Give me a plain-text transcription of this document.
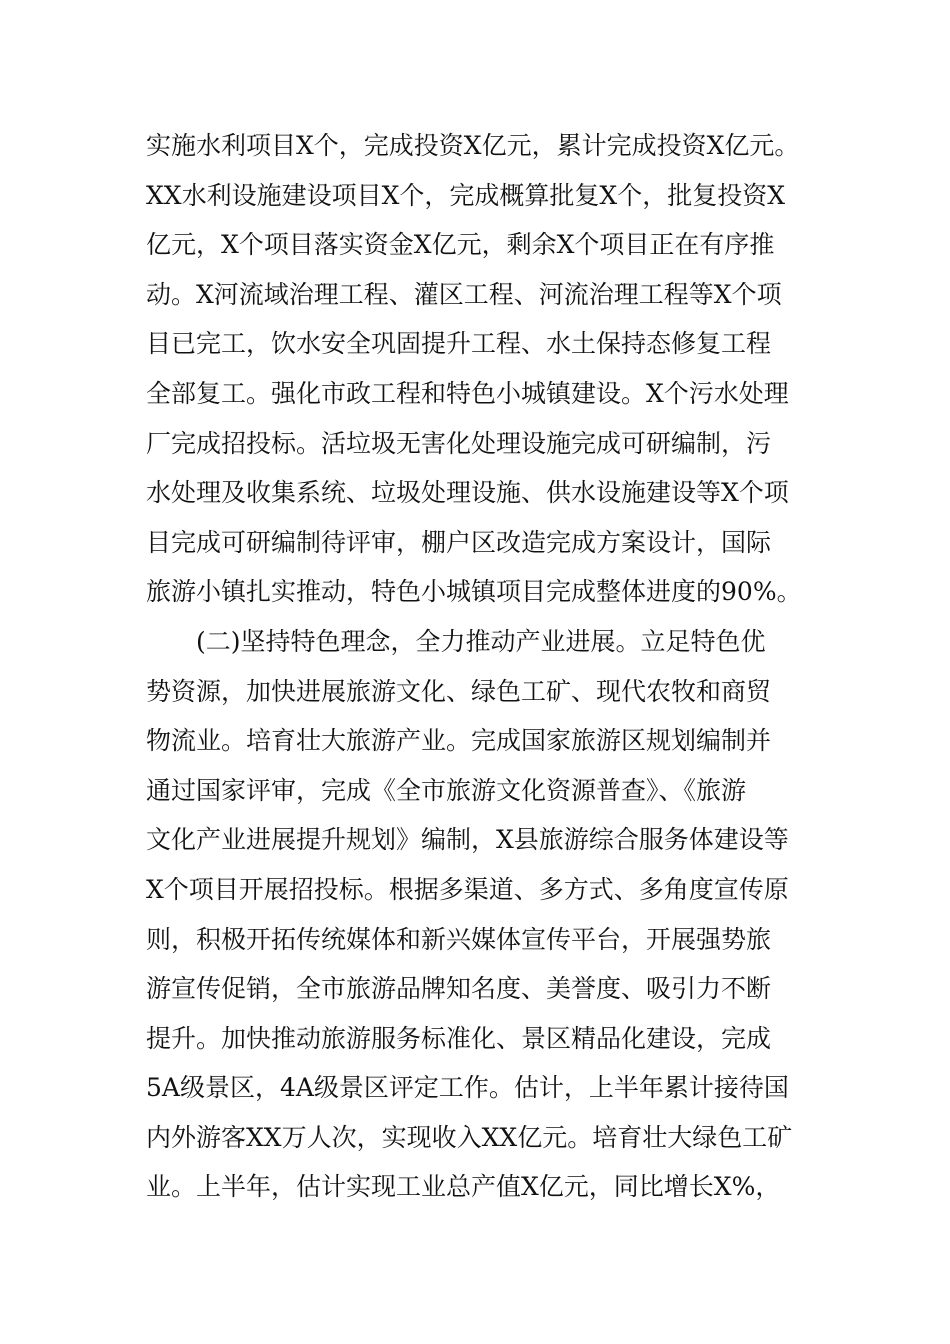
实施水利项目X个，完成投资X亿元，累计完成投资X亿元。
XX水利设施建设项目X个，完成概算批复X个，批复投资X
亿元，X个项目落实资金X亿元，剩余X个项目正在有序推
动。X河流域治理工程、灌区工程、河流治理工程等X个项
目已完工，饮水安全巩固提升工程、水土保持态修复工程
全部复工。强化市政工程和特色小城镇建设。X个污水处理
厂完成招投标。活垃圾无害化处理设施完成可研编制，污
水处理及收集系统、垃圾处理设施、供水设施建设等X个项
目完成可研编制待评审，棚户区改造完成方案设计，国际
旅游小镇扎实推动，特色小城镇项目完成整体进度的90%。
(二)坚持特色理念，全力推动产业进展。立足特色优
势资源，加快进展旅游文化、绿色工矿、现代农牧和商贸
物流业。培育壮大旅游产业。完成国家旅游区规划编制并
通过国家评审，完成《全市旅游文化资源普查》、《旅游
文化产业进展提升规划》编制，X县旅游综合服务体建设等
X个项目开展招投标。根据多渠道、多方式、多角度宣传原
则，积极开拓传统媒体和新兴媒体宣传平台，开展强势旅
游宣传促销，全市旅游品牌知名度、美誉度、吸引力不断
提升。加快推动旅游服务标准化、景区精品化建设，完成
5A级景区，4A级景区评定工作。估计，上半年累计接待国
内外游客XX万人次，实现收入XX亿元。培育壮大绿色工矿
业。上半年，估计实现工业总产值X亿元，同比增长X%，
